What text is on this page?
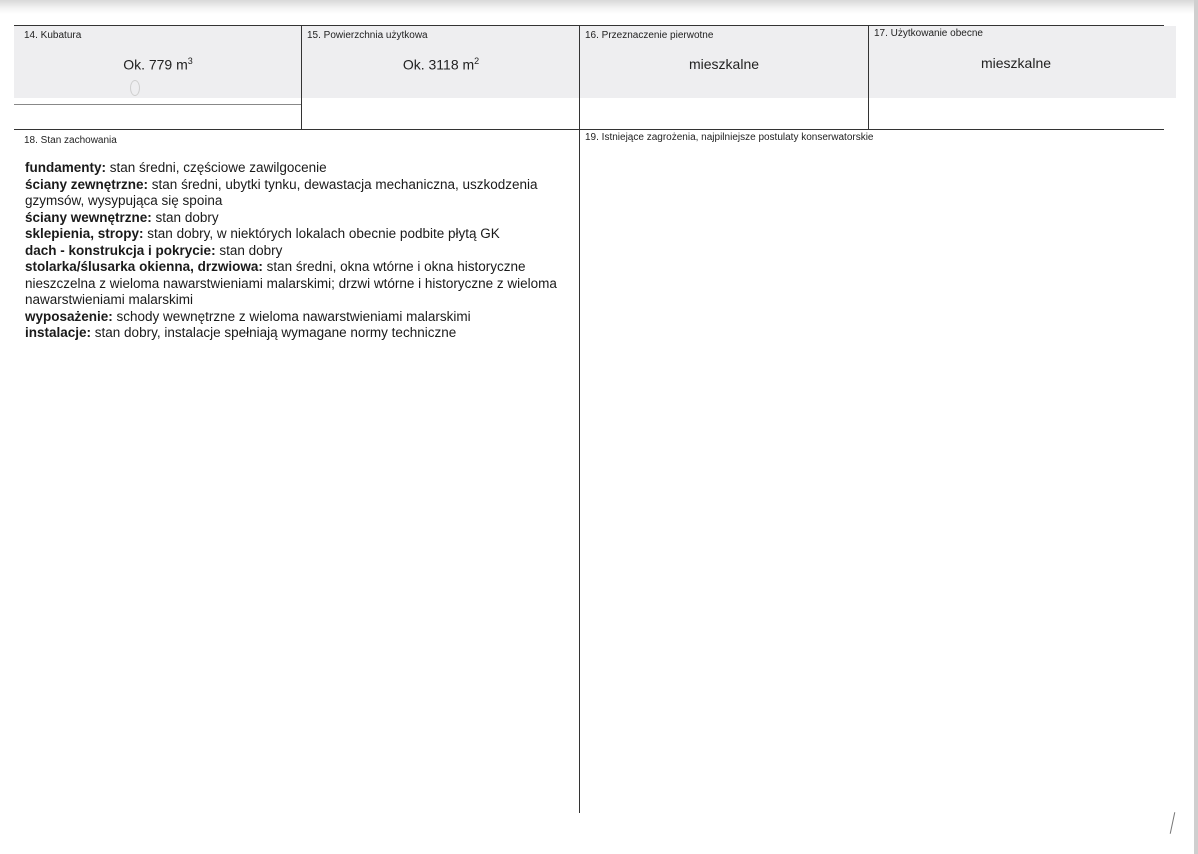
14. Kubatura
Ok. 779 $m^3$
15. Powierzchnia użytkowa
Ok. 3118 $m^2$
16. Przeznaczenie pierwotne
mieszkalne
17. Użytkowanie obecne
mieszkalne
18. Stan zachowania	19. Istniejące zagrożenia, najpilniejsze postulaty konserwatorskie

fundamenty: stan średni, częściowe zawilgocenie

ściany zewnętrzne: stan średni, ubytki tynku, dewastacja mechaniczna, uszkodzenia gzymsów, wysypująca się spoina

ściany wewnętrzne: stan dobry

sklepienia, stropy: stan dobry, w niektórych lokalach obecnie podbite płytą GK

dach - konstrukcja i pokrycie: stan dobry

stolarka/ślusarka okienna, drzwiowa: stan średni, okna wtórne i okna historyczne nieszczelna z wieloma nawarstwieniami malarskimi; drzwi wtórne i historyczne z wieloma nawarstwieniami malarskimi

wyposażenie: schody wewnętrzne z wieloma nawarstwieniami malarskimi

instalacje: stan dobry, instalacje spełniają wymagane normy techniczne
